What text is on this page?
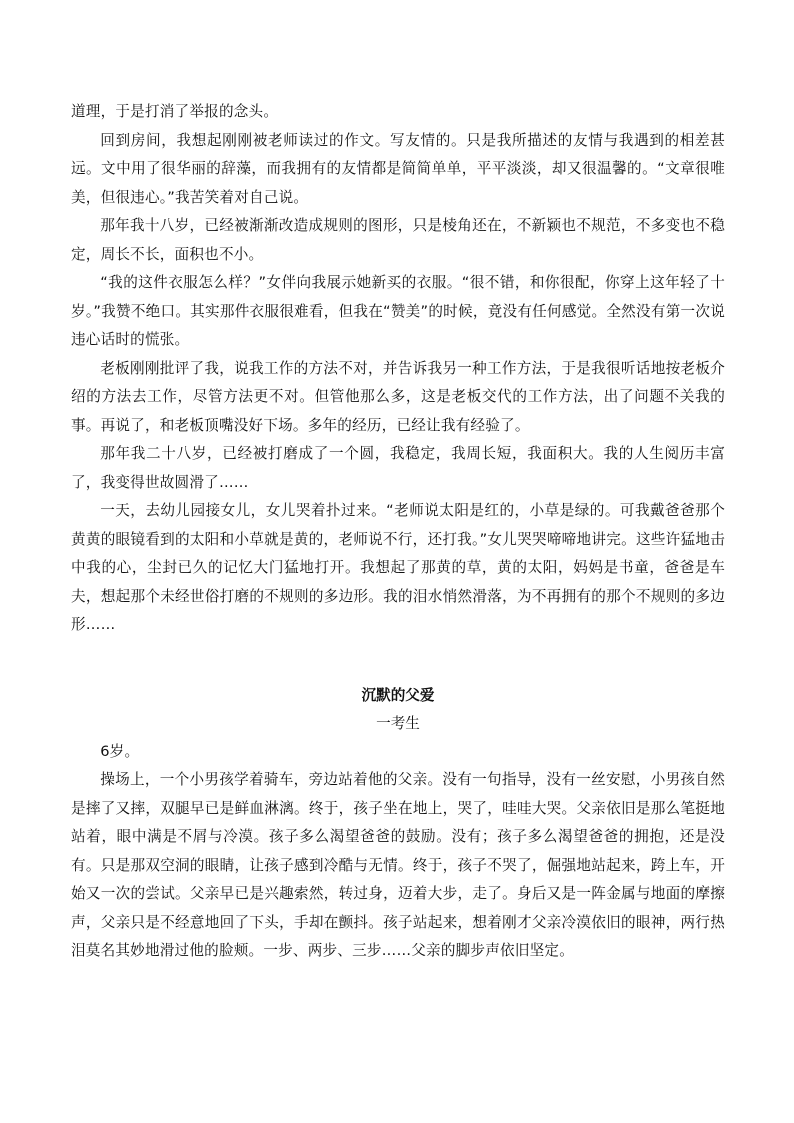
道理，于是打消了举报的念头。

回到房间，我想起刚刚被老师读过的作文。写友情的。只是我所描述的友情与我遇到的相差甚远。文中用了很华丽的辞藻，而我拥有的友情都是简简单单，平平淡淡，却又很温馨的。“文章很唯美，但很违心。”我苦笑着对自己说。

那年我十八岁，已经被渐渐改造成规则的图形，只是棱角还在，不新颖也不规范，不多变也不稳定，周长不长，面积也不小。

“我的这件衣服怎么样？”女伴向我展示她新买的衣服。“很不错，和你很配，你穿上这年轻了十岁。”我赞不绝口。其实那件衣服很难看，但我在“赞美”的时候，竟没有任何感觉。全然没有第一次说违心话时的慌张。

老板刚刚批评了我，说我工作的方法不对，并告诉我另一种工作方法，于是我很听话地按老板介绍的方法去工作，尽管方法更不对。但管他那么多，这是老板交代的工作方法，出了问题不关我的事。再说了，和老板顶嘴没好下场。多年的经历，已经让我有经验了。

那年我二十八岁，已经被打磨成了一个圆，我稳定，我周长短，我面积大。我的人生阅历丰富了，我变得世故圆滑了……

一天，去幼儿园接女儿，女儿哭着扑过来。“老师说太阳是红的，小草是绿的。可我戴爸爸那个黄黄的眼镜看到的太阳和小草就是黄的，老师说不行，还打我。”女儿哭哭啼啼地讲完。这些许猛地击中我的心，尘封已久的记忆大门猛地打开。我想起了那黄的草，黄的太阳，妈妈是书童，爸爸是车夫，想起那个未经世俗打磨的不规则的多边形。我的泪水悄然滑落，为不再拥有的那个不规则的多边形……

沉默的父爱

一考生

6岁。

操场上，一个小男孩学着骑车，旁边站着他的父亲。没有一句指导，没有一丝安慰，小男孩自然是摔了又摔，双腿早已是鲜血淋漓。终于，孩子坐在地上，哭了，哇哇大哭。父亲依旧是那么笔挺地站着，眼中满是不屑与冷漠。孩子多么渴望爸爸的鼓励。没有；孩子多么渴望爸爸的拥抱，还是没有。只是那双空洞的眼睛，让孩子感到冷酷与无情。终于，孩子不哭了，倔强地站起来，跨上车，开始又一次的尝试。父亲早已是兴趣索然，转过身，迈着大步，走了。身后又是一阵金属与地面的摩擦声，父亲只是不经意地回了下头，手却在颤抖。孩子站起来，想着刚才父亲冷漠依旧的眼神，两行热泪莫名其妙地滑过他的脸颊。一步、两步、三步……父亲的脚步声依旧坚定。
